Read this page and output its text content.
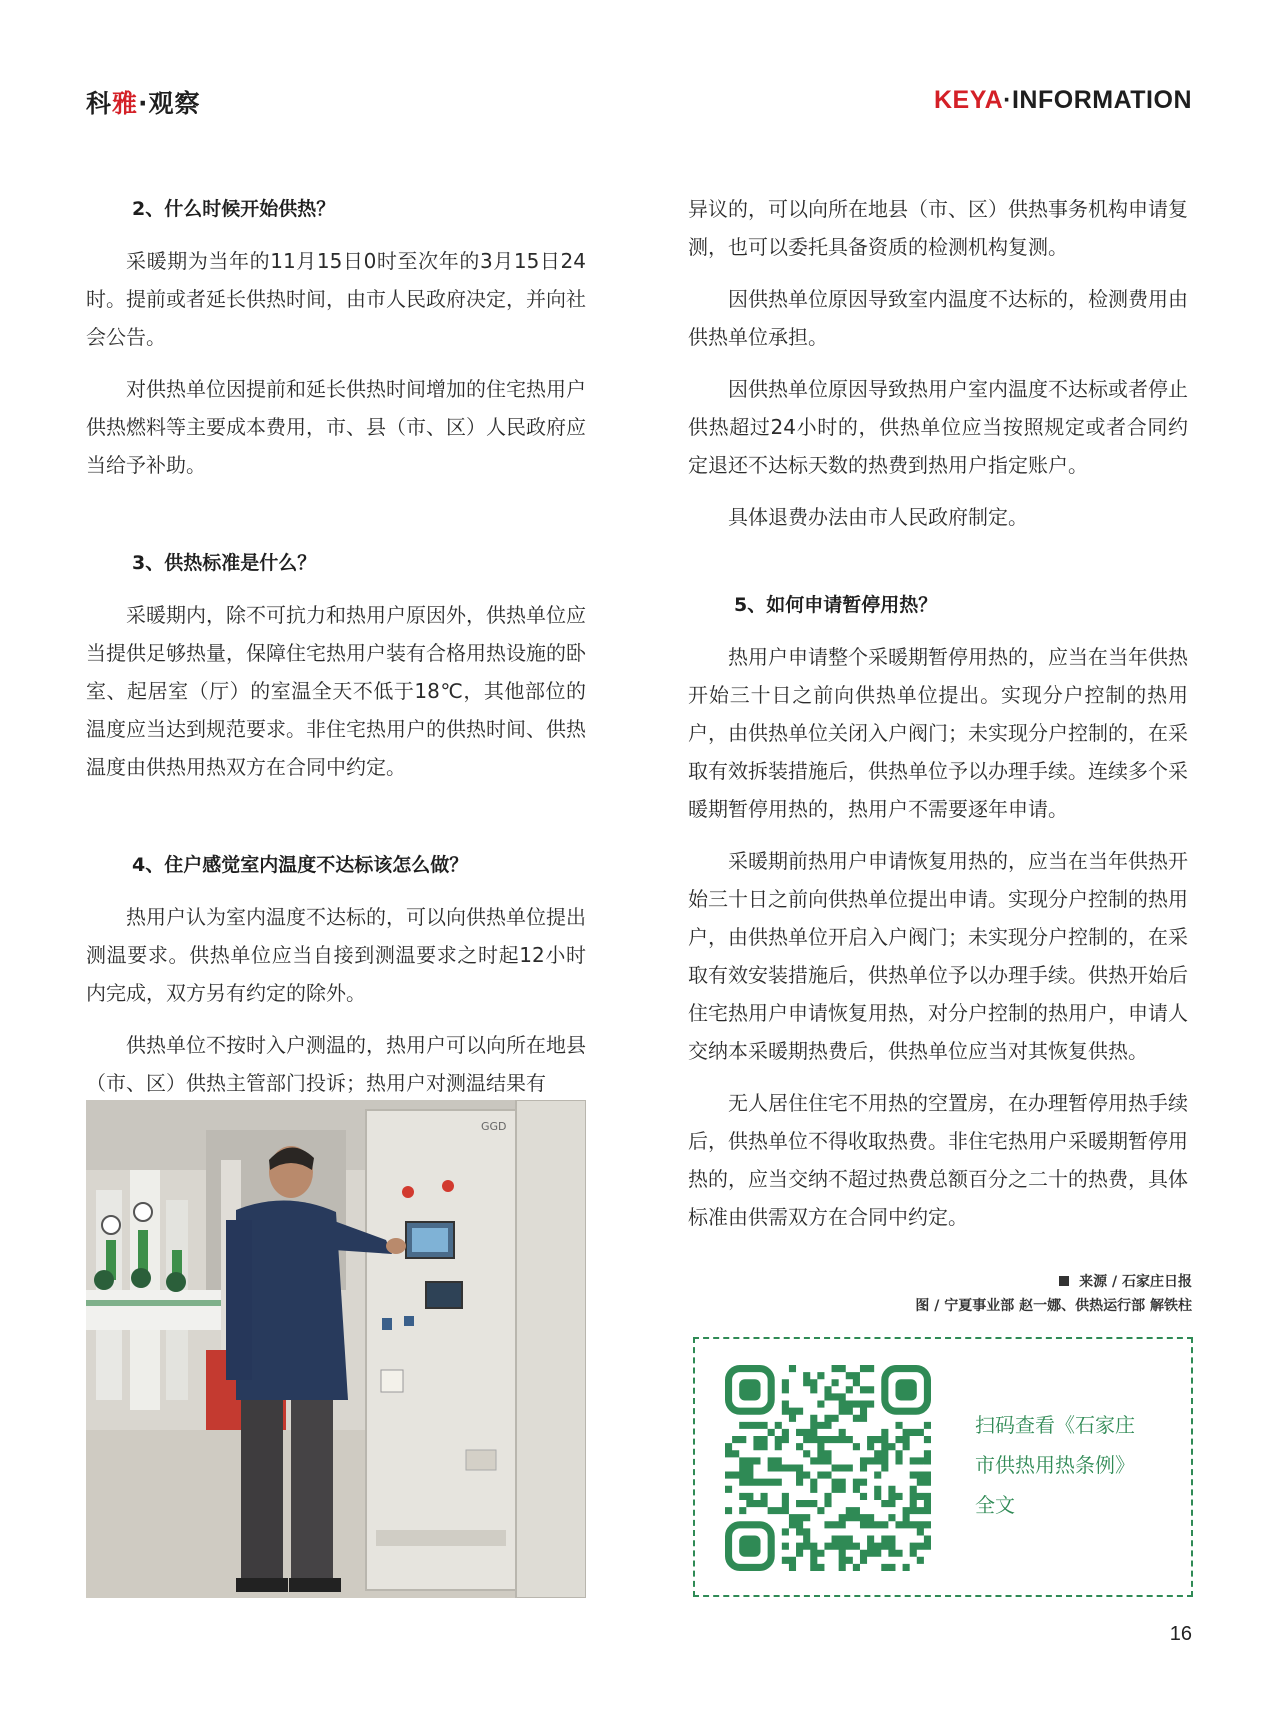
科雅·观察	KEYA·INFORMATION
2、什么时候开始供热？

采暖期为当年的11月15日0时至次年的3月15日24时。提前或者延长供热时间，由市人民政府决定，并向社会公告。

对供热单位因提前和延长供热时间增加的住宅热用户供热燃料等主要成本费用，市、县（市、区）人民政府应当给予补助。

3、供热标准是什么？

采暖期内，除不可抗力和热用户原因外，供热单位应当提供足够热量，保障住宅热用户装有合格用热设施的卧室、起居室（厅）的室温全天不低于18℃，其他部位的温度应当达到规范要求。非住宅热用户的供热时间、供热温度由供热用热双方在合同中约定。

4、住户感觉室内温度不达标该怎么做？

热用户认为室内温度不达标的，可以向供热单位提出测温要求。供热单位应当自接到测温要求之时起12小时内完成，双方另有约定的除外。

供热单位不按时入户测温的，热用户可以向所在地县（市、区）供热主管部门投诉；热用户对测温结果有

GGD

异议的，可以向所在地县（市、区）供热事务机构申请复测，也可以委托具备资质的检测机构复测。

因供热单位原因导致室内温度不达标的，检测费用由供热单位承担。

因供热单位原因导致热用户室内温度不达标或者停止供热超过24小时的，供热单位应当按照规定或者合同约定退还不达标天数的热费到热用户指定账户。

具体退费办法由市人民政府制定。

5、如何申请暂停用热？

热用户申请整个采暖期暂停用热的，应当在当年供热开始三十日之前向供热单位提出。实现分户控制的热用户，由供热单位关闭入户阀门；未实现分户控制的，在采取有效拆装措施后，供热单位予以办理手续。连续多个采暖期暂停用热的，热用户不需要逐年申请。

采暖期前热用户申请恢复用热的，应当在当年供热开始三十日之前向供热单位提出申请。实现分户控制的热用户，由供热单位开启入户阀门；未实现分户控制的，在采取有效安装措施后，供热单位予以办理手续。供热开始后住宅热用户申请恢复用热，对分户控制的热用户，申请人交纳本采暖期热费后，供热单位应当对其恢复供热。

无人居住住宅不用热的空置房，在办理暂停用热手续后，供热单位不得收取热费。非住宅热用户采暖期暂停用热的，应当交纳不超过热费总额百分之二十的热费，具体标准由供需双方在合同中约定。

来源 / 石家庄日报
图 / 宁夏事业部 赵一娜、供热运行部 解铁柱
扫码查看《石家庄
市供热用热条例》
全文
16
